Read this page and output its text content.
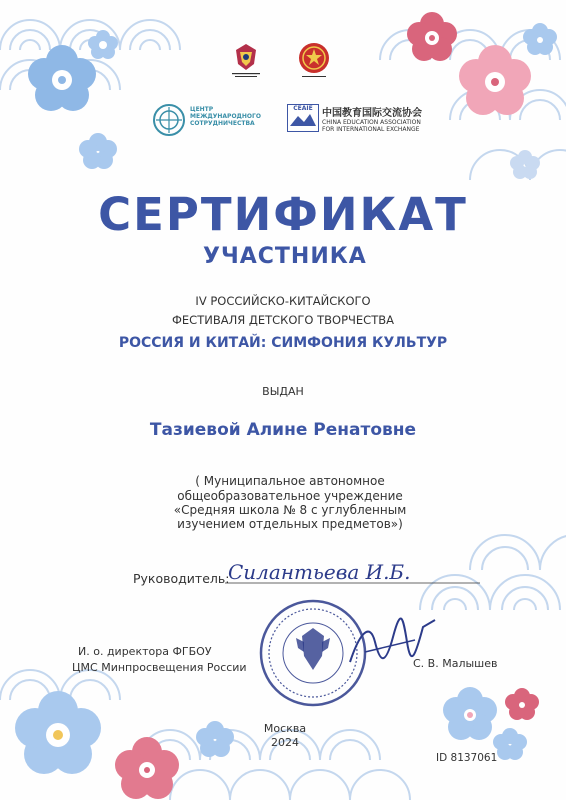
ЦЕНТР
МЕЖДУНАРОДНОГО
СОТРУДНИЧЕСТВА
CEAIE 中国教育国际交流协会
CHINA EDUCATION ASSOCIATION
FOR INTERNATIONAL EXCHANGE
СЕРТИФИКАТ
УЧАСТНИКА
IV РОССИЙСКО-КИТАЙСКОГО
ФЕСТИВАЛЯ ДЕТСКОГО ТВОРЧЕСТВА
РОССИЯ И КИТАЙ: СИМФОНИЯ КУЛЬТУР
ВЫДАН
Тазиевой Алине Ренатовне
( Муниципальное автономное
общеобразовательное учреждение
«Средняя школа № 8 с углубленным
изучением отдельных предметов»)
Руководитель:
Силантьева И.Б.
И. о. директора ФГБОУ
ЦМС Минпросвещения России	С. В. Малышев
Москва
2024
ID 8137061
